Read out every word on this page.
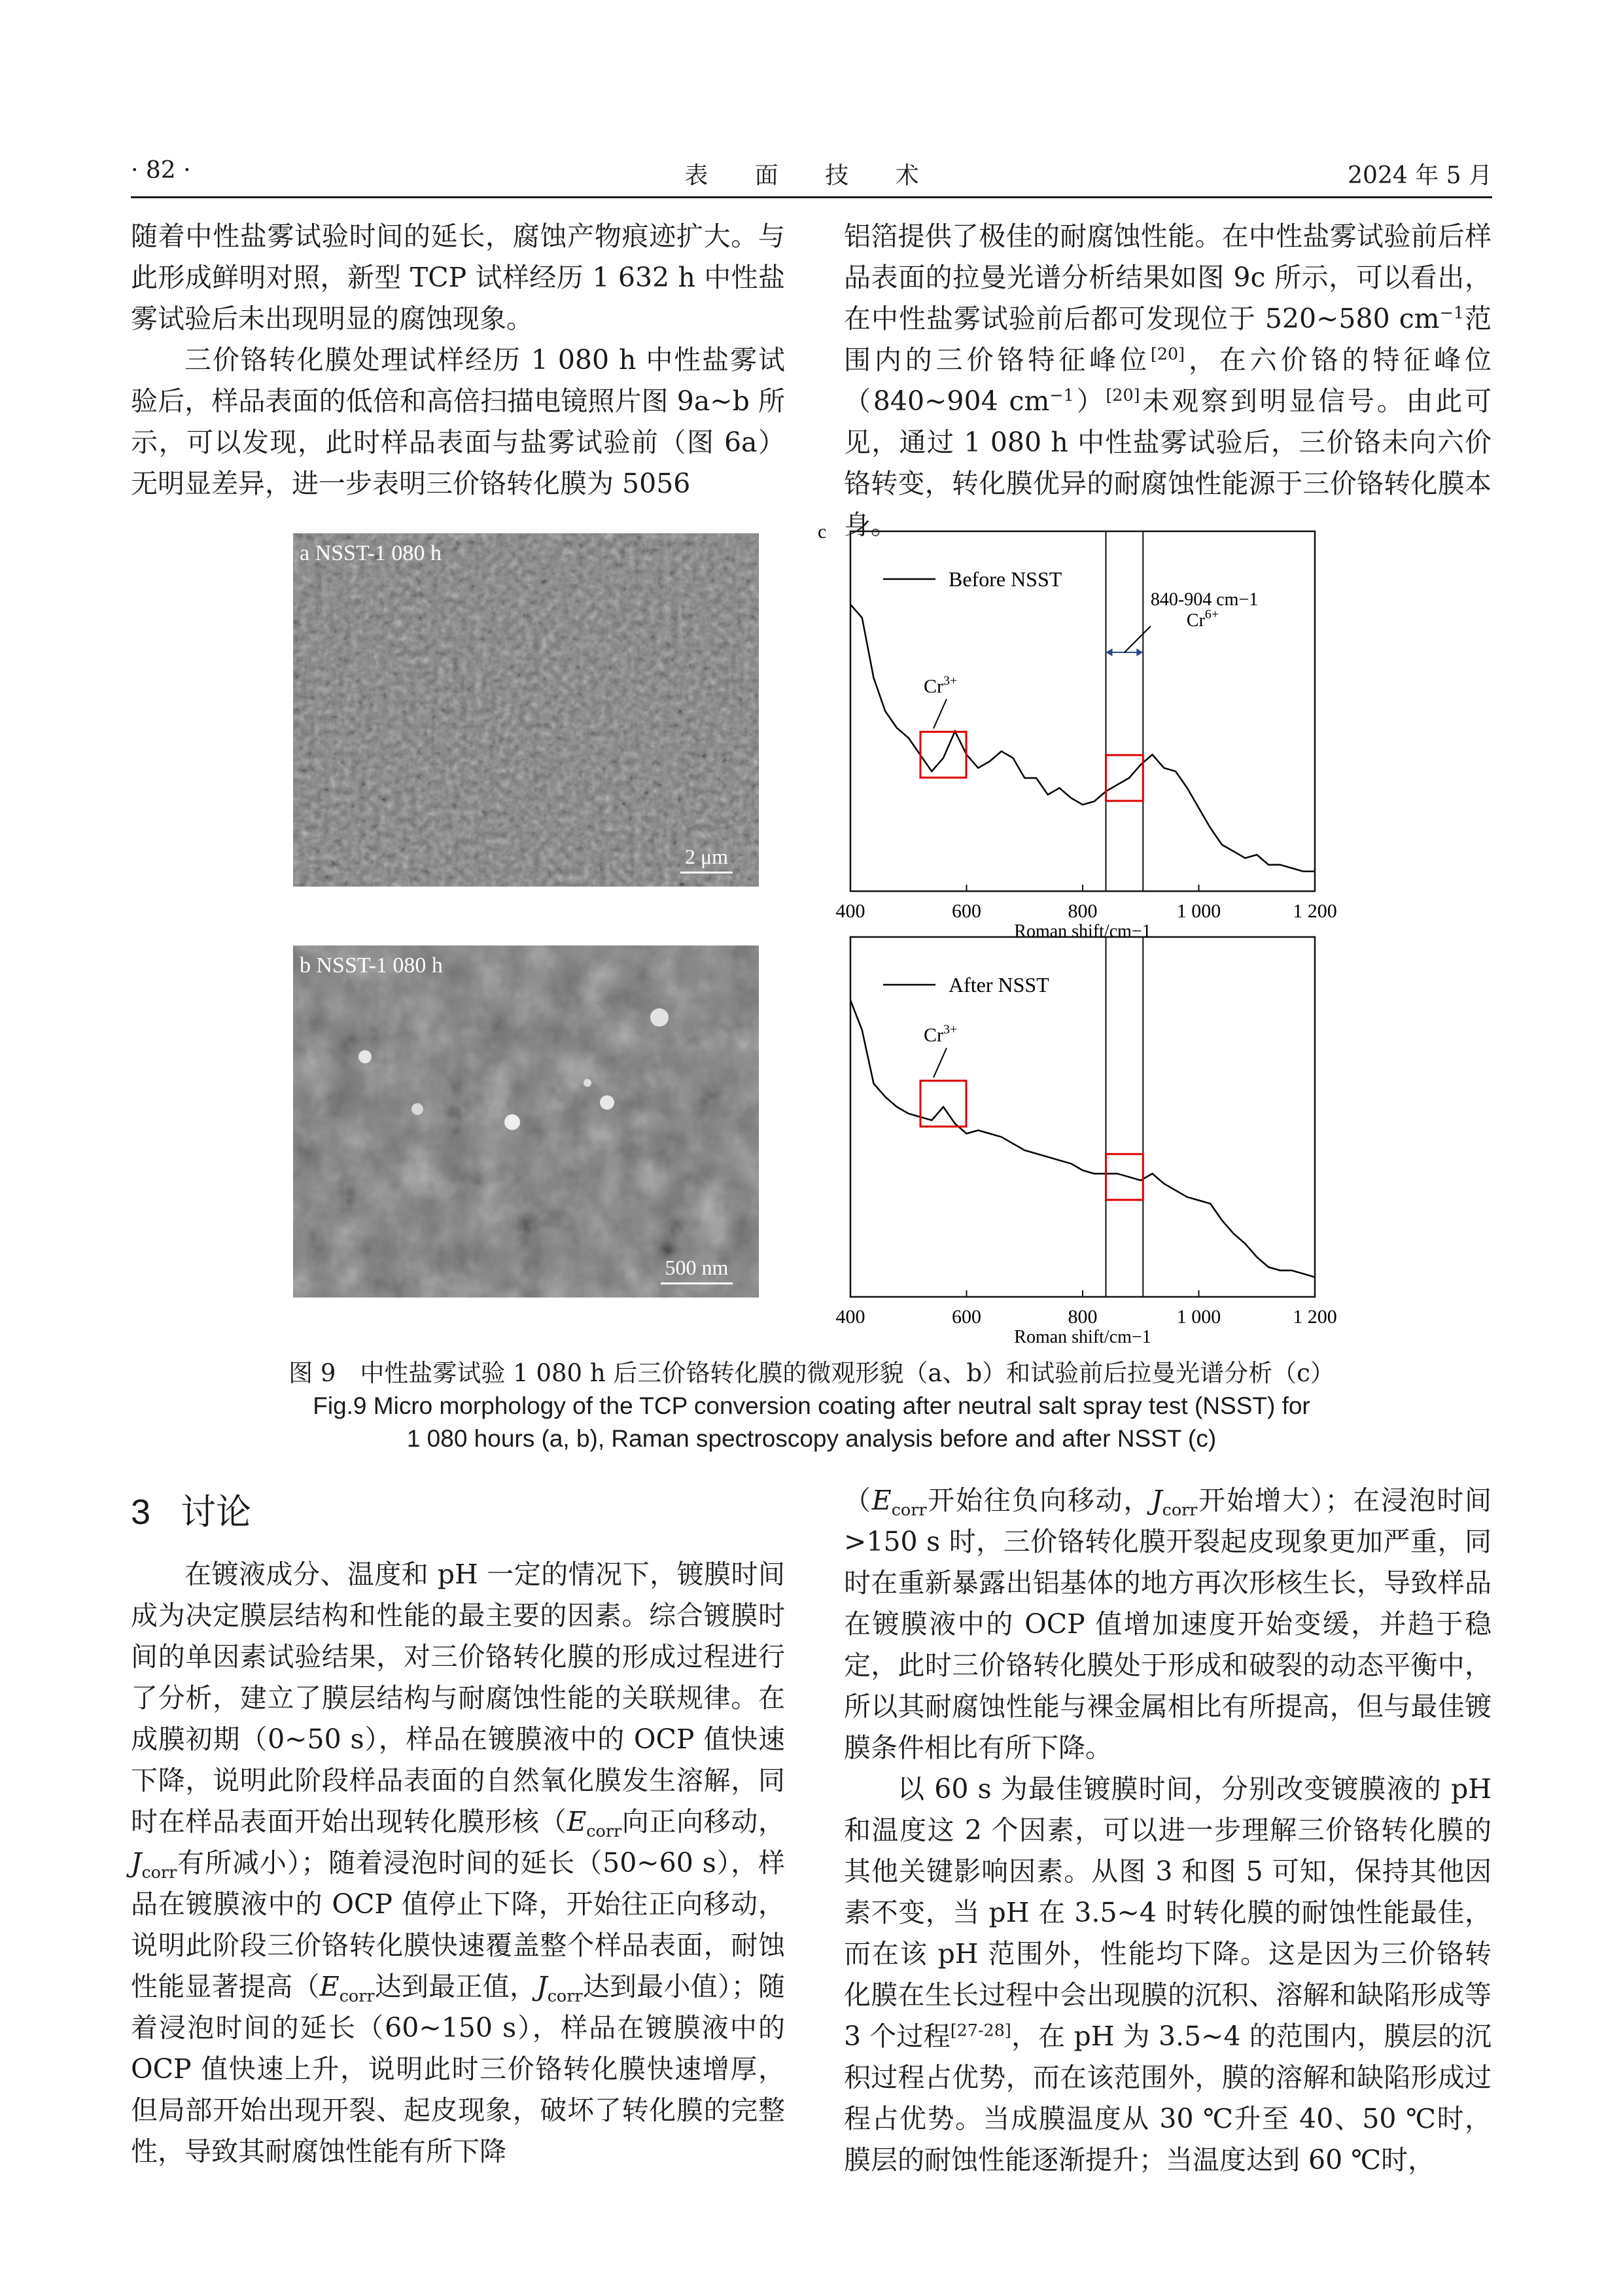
· 82 ·	表 面 技 术	2024 年 5 月

随着中性盐雾试验时间的延长，腐蚀产物痕迹扩大。与此形成鲜明对照，新型 TCP 试样经历 1 632 h 中性盐雾试验后未出现明显的腐蚀现象。

三价铬转化膜处理试样经历 1 080 h 中性盐雾试验后，样品表面的低倍和高倍扫描电镜照片图 9a~b 所示，可以发现，此时样品表面与盐雾试验前（图 6a）无明显差异，进一步表明三价铬转化膜为 5056

铝箔提供了极佳的耐腐蚀性能。在中性盐雾试验前后样品表面的拉曼光谱分析结果如图 9c 所示，可以看出，在中性盐雾试验前后都可发现位于 520~580 $cm^{-1}$范围内的三价铬特征峰位[20]，在六价铬的特征峰位（840~904 $cm^{-1})[20]$未观察到明显信号。由此可见，通过 1 080 h 中性盐雾试验后，三价铬未向六价铬转变，转化膜优异的耐腐蚀性能源于三价铬转化膜本身。

a NSST-1 080 h
2 μm
b NSST-1 080 h
500 nm
Before NSST
$Cr^{3+}$
840-904 cm−1
$Cr^{6+}$
400	600	800	1 000	1 200
Roman shift/cm−1
c
After NSST
$Cr^{3+}$
400	600	800	1 000	1 200
Roman shift/cm−1
图 9　中性盐雾试验 1 080 h 后三价铬转化膜的微观形貌（a、b）和试验前后拉曼光谱分析（c）
Fig.9 Micro morphology of the TCP conversion coating after neutral salt spray test (NSST) for
1 080 hours (a, b), Raman spectroscopy analysis before and after NSST (c)
3 讨论

在镀液成分、温度和 pH 一定的情况下，镀膜时间成为决定膜层结构和性能的最主要的因素。综合镀膜时间的单因素试验结果，对三价铬转化膜的形成过程进行了分析，建立了膜层结构与耐腐蚀性能的关联规律。在成膜初期（0~50 s），样品在镀膜液中的 OCP 值快速下降，说明此阶段样品表面的自然氧化膜发生溶解，同时在样品表面开始出现转化膜形核（$E_{corr}$向正向移动，$J_{corr}$有所减小）；随着浸泡时间的延长（50~60 s），样品在镀膜液中的 OCP 值停止下降，开始往正向移动，说明此阶段三价铬转化膜快速覆盖整个样品表面，耐蚀性能显著提高（$E_{corr}$达到最正值，$J_{corr}$达到最小值）；随着浸泡时间的延长（60~150 s），样品在镀膜液中的 OCP 值快速上升，说明此时三价铬转化膜快速增厚，但局部开始出现开裂、起皮现象，破坏了转化膜的完整性，导致其耐腐蚀性能有所下降

（$E_{corr}$开始往负向移动，$J_{corr}$开始增大）；在浸泡时间 >150 s 时，三价铬转化膜开裂起皮现象更加严重，同时在重新暴露出铝基体的地方再次形核生长，导致样品在镀膜液中的 OCP 值增加速度开始变缓，并趋于稳定，此时三价铬转化膜处于形成和破裂的动态平衡中，所以其耐腐蚀性能与裸金属相比有所提高，但与最佳镀膜条件相比有所下降。

以 60 s 为最佳镀膜时间，分别改变镀膜液的 pH 和温度这 2 个因素，可以进一步理解三价铬转化膜的其他关键影响因素。从图 3 和图 5 可知，保持其他因素不变，当 pH 在 3.5~4 时转化膜的耐蚀性能最佳，而在该 pH 范围外，性能均下降。这是因为三价铬转化膜在生长过程中会出现膜的沉积、溶解和缺陷形成等 3 个过程[27-28]，在 pH 为 3.5~4 的范围内，膜层的沉积过程占优势，而在该范围外，膜的溶解和缺陷形成过程占优势。当成膜温度从 30 ℃升至 40、50 ℃时，膜层的耐蚀性能逐渐提升；当温度达到 60 ℃时，
